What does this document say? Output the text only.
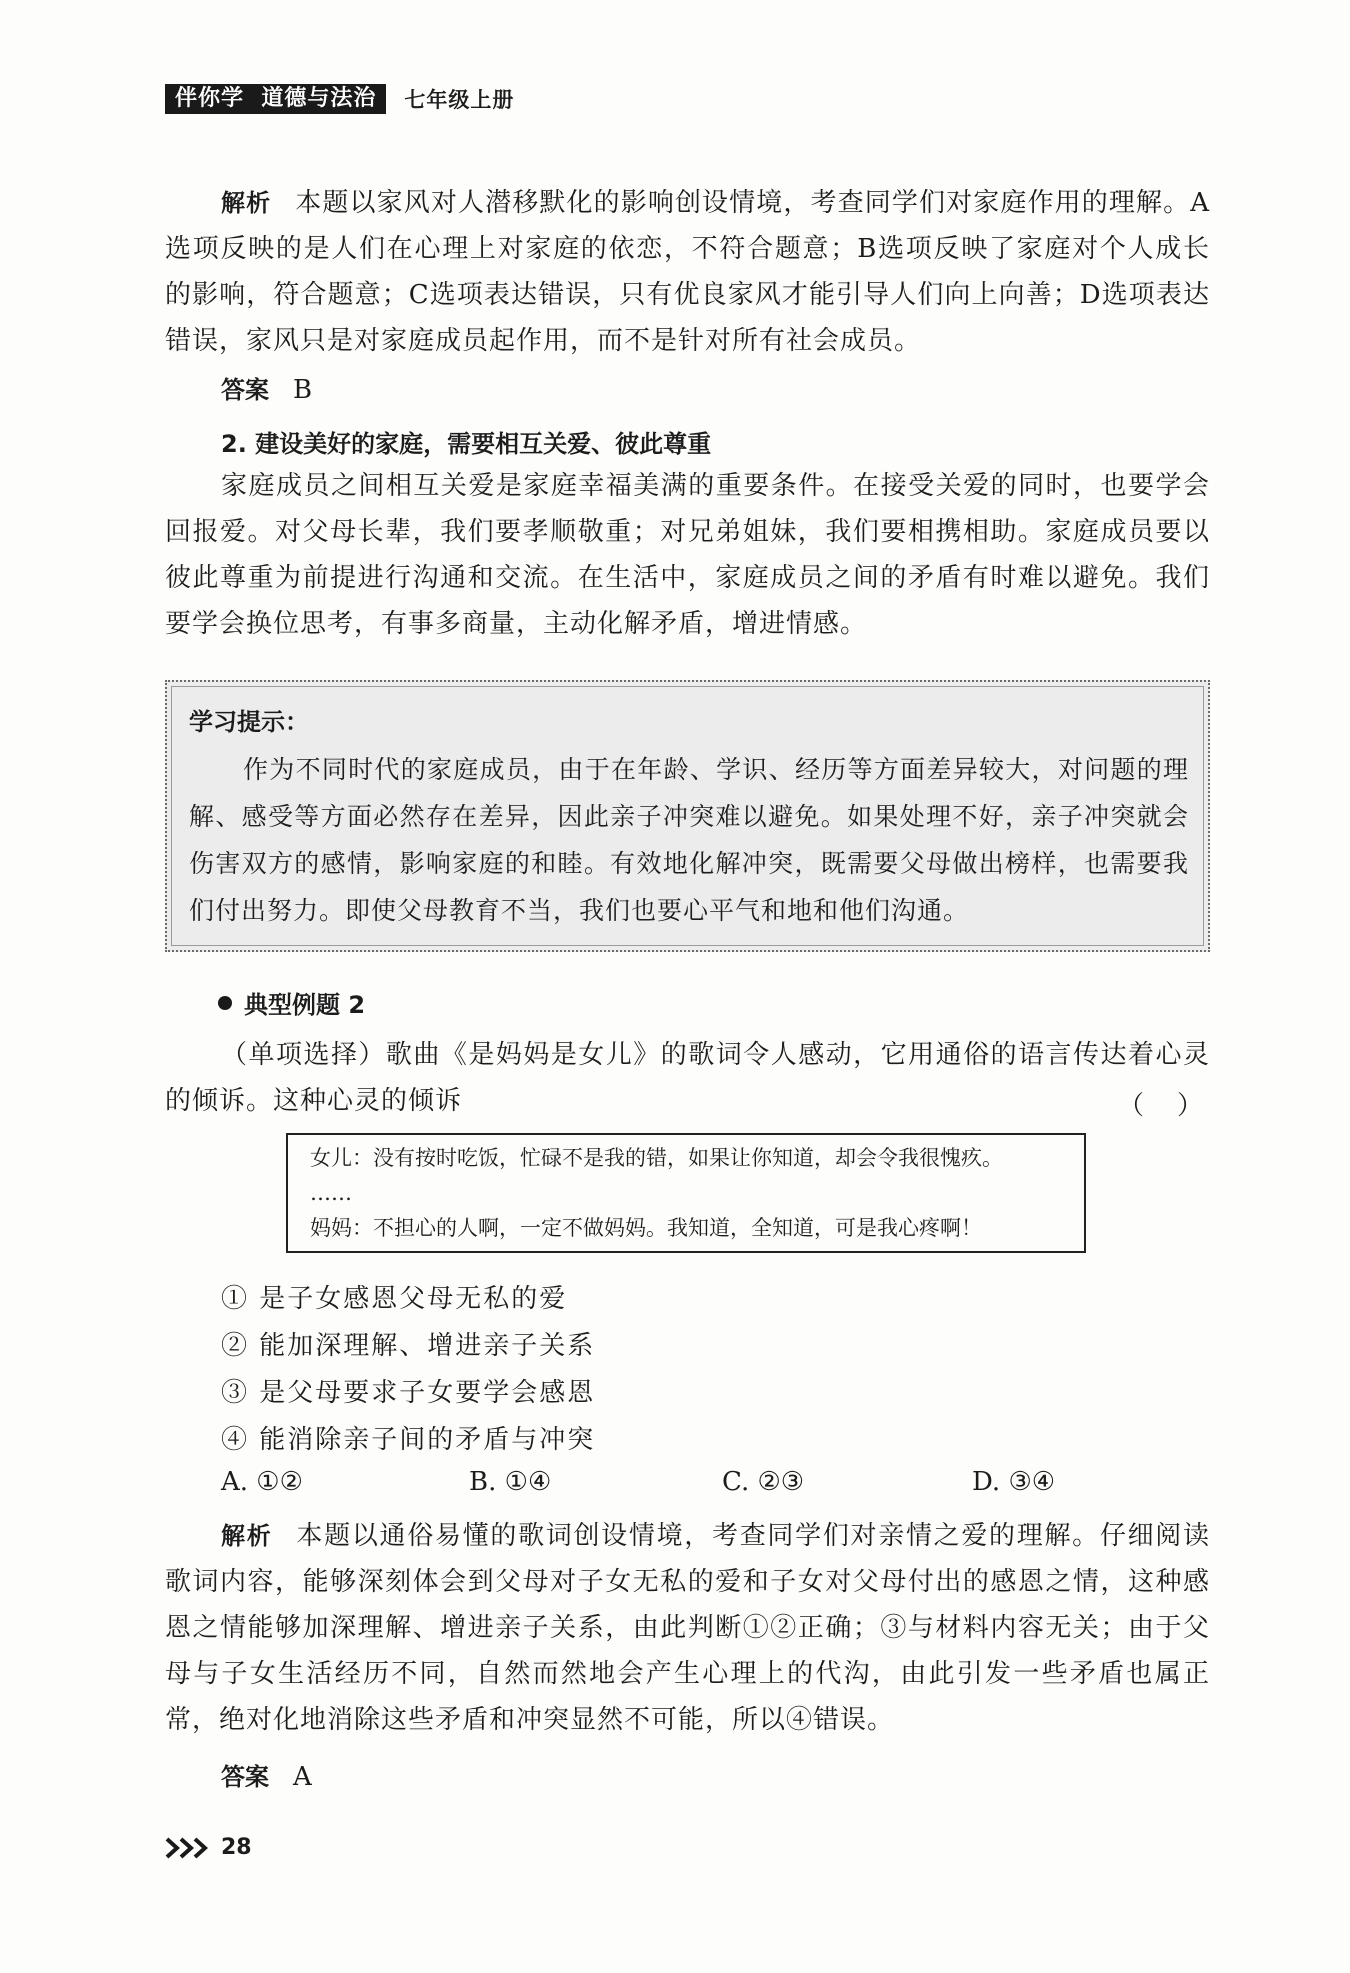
伴你学  道德与法治	七年级上册

解析 本题以家风对人潜移默化的影响创设情境，考查同学们对家庭作用的理解。A选项反映的是人们在心理上对家庭的依恋，不符合题意；B选项反映了家庭对个人成长的影响，符合题意；C选项表达错误，只有优良家风才能引导人们向上向善；D选项表达错误，家风只是对家庭成员起作用，而不是针对所有社会成员。

答案 B
2. 建设美好的家庭，需要相互关爱、彼此尊重

家庭成员之间相互关爱是家庭幸福美满的重要条件。在接受关爱的同时，也要学会回报爱。对父母长辈，我们要孝顺敬重；对兄弟姐妹，我们要相携相助。家庭成员要以彼此尊重为前提进行沟通和交流。在生活中，家庭成员之间的矛盾有时难以避免。我们要学会换位思考，有事多商量，主动化解矛盾，增进情感。

学习提示：

作为不同时代的家庭成员，由于在年龄、学识、经历等方面差异较大，对问题的理解、感受等方面必然存在差异，因此亲子冲突难以避免。如果处理不好，亲子冲突就会伤害双方的感情，影响家庭的和睦。有效地化解冲突，既需要父母做出榜样，也需要我们付出努力。即使父母教育不当，我们也要心平气和地和他们沟通。

典型例题 2

（单项选择）歌曲《是妈妈是女儿》的歌词令人感动，它用通俗的语言传达着心灵的倾诉。这种心灵的倾诉	（    ）
女儿：没有按时吃饭，忙碌不是我的错，如果让你知道，却会令我很愧疚。
……
妈妈：不担心的人啊，一定不做妈妈。我知道，全知道，可是我心疼啊！
① 是子女感恩父母无私的爱
② 能加深理解、增进亲子关系
③ 是父母要求子女要学会感恩
④ 能消除亲子间的矛盾与冲突
A. ①②	B. ①④	C. ②③	D. ③④

解析 本题以通俗易懂的歌词创设情境，考查同学们对亲情之爱的理解。仔细阅读歌词内容，能够深刻体会到父母对子女无私的爱和子女对父母付出的感恩之情，这种感恩之情能够加深理解、增进亲子关系，由此判断①②正确；③与材料内容无关；由于父母与子女生活经历不同，自然而然地会产生心理上的代沟，由此引发一些矛盾也属正常，绝对化地消除这些矛盾和冲突显然不可能，所以④错误。

答案 A
28
